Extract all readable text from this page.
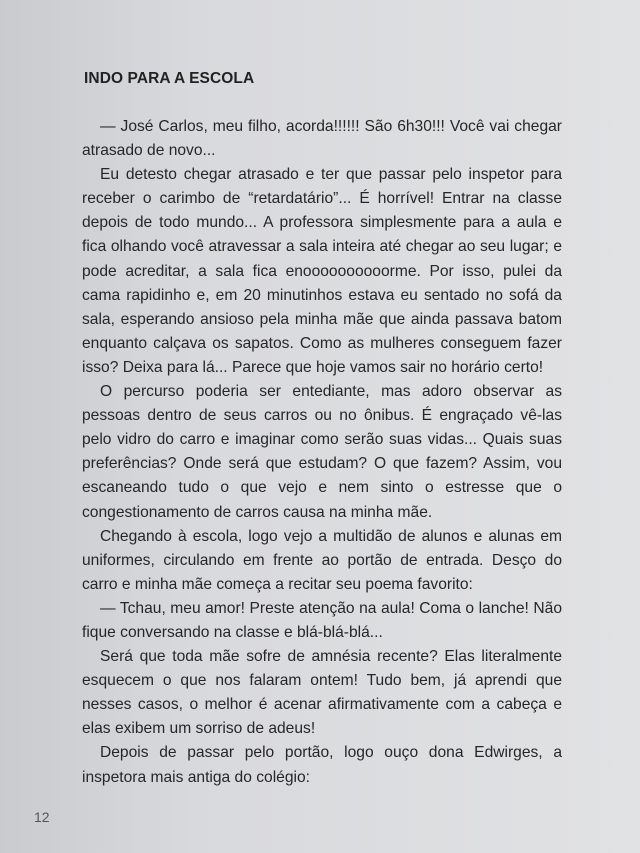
INDO PARA A ESCOLA

— José Carlos, meu filho, acorda!!!!!! São 6h30!!! Você vai chegar atrasado de novo...

Eu detesto chegar atrasado e ter que passar pelo inspetor para receber o carimbo de “retardatário”... É horrível! Entrar na classe depois de todo mundo... A professora simplesmente para a aula e fica olhando você atravessar a sala inteira até chegar ao seu lugar; e pode acreditar, a sala fica enoooooooooorme. Por isso, pulei da cama rapidinho e, em 20 minutinhos estava eu sentado no sofá da sala, esperando ansioso pela minha mãe que ainda passava batom enquanto calçava os sapatos. Como as mulheres conseguem fazer isso? Deixa para lá... Parece que hoje vamos sair no horário certo!

O percurso poderia ser entediante, mas adoro observar as pessoas dentro de seus carros ou no ônibus. É engraçado vê-las pelo vidro do carro e imaginar como serão suas vidas... Quais suas preferências? Onde será que estudam? O que fazem? Assim, vou escaneando tudo o que vejo e nem sinto o estresse que o congestionamento de carros causa na minha mãe.

Chegando à escola, logo vejo a multidão de alunos e alunas em uniformes, circulando em frente ao portão de entrada. Desço do carro e minha mãe começa a recitar seu poema favorito:

— Tchau, meu amor! Preste atenção na aula! Coma o lanche! Não fique conversando na classe e blá-blá-blá...

Será que toda mãe sofre de amnésia recente? Elas literalmente esquecem o que nos falaram ontem! Tudo bem, já aprendi que nesses casos, o melhor é acenar afirmativamente com a cabeça e elas exibem um sorriso de adeus!

Depois de passar pelo portão, logo ouço dona Edwirges, a inspetora mais antiga do colégio:

12
